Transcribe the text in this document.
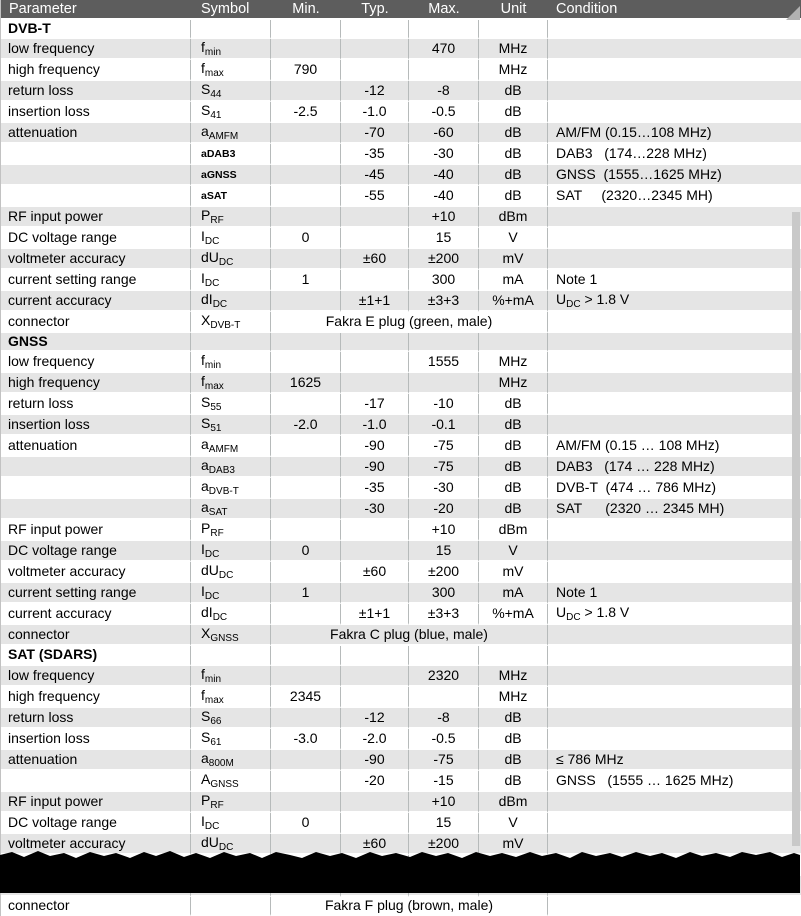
Parameter	Symbol	Min.	Typ.	Max.	Unit	Condition
DVB-T						
low frequency	$f_{min}$			470	MHz	
high frequency	$f_{max}$	790			MHz	
return loss	$S_{44}$		-12	-8	dB	
insertion loss	$S_{41}$	-2.5	-1.0	-0.5	dB	
attenuation	$a_{AMFM}$		-70	-60	dB	AM/FM (0.15…108 MHz)
	aDAB3		-35	-30	dB	DAB3   (174…228 MHz)
	aGNSS		-45	-40	dB	GNSS  (1555…1625 MHz)
	aSAT		-55	-40	dB	SAT     (2320…2345 MH)
RF input power	$P_{RF}$			+10	dBm	
DC voltage range	$I_{DC}$	0		15	V	
voltmeter accuracy	$dU_{DC}$		±60	±200	mV	
current setting range	$I_{DC}$	1		300	mA	Note 1
current accuracy	$dI_{DC}$		±1+1	±3+3	%+mA	$U_{DC} > 1.8$ V
connector	$X_{DVB-T}$	Fakra E plug (green, male)				
GNSS						
low frequency	$f_{min}$			1555	MHz	
high frequency	$f_{max}$	1625			MHz	
return loss	$S_{55}$		-17	-10	dB	
insertion loss	$S_{51}$	-2.0	-1.0	-0.1	dB	
attenuation	$a_{AMFM}$		-90	-75	dB	AM/FM (0.15 … 108 MHz)
	$a_{DAB3}$		-90	-75	dB	DAB3   (174 … 228 MHz)
	$a_{DVB-T}$		-35	-30	dB	DVB-T  (474 … 786 MHz)
	$a_{SAT}$		-30	-20	dB	SAT      (2320 … 2345 MH)
RF input power	$P_{RF}$			+10	dBm	
DC voltage range	$I_{DC}$	0		15	V	
voltmeter accuracy	$dU_{DC}$		±60	±200	mV	
current setting range	$I_{DC}$	1		300	mA	Note 1
current accuracy	$dI_{DC}$		±1+1	±3+3	%+mA	$U_{DC} > 1.8$ V
connector	$X_{GNSS}$	Fakra C plug (blue, male)				
SAT (SDARS)						
low frequency	$f_{min}$			2320	MHz	
high frequency	$f_{max}$	2345			MHz	
return loss	$S_{66}$		-12	-8	dB	
insertion loss	$S_{61}$	-3.0	-2.0	-0.5	dB	
attenuation	$a_{800M}$		-90	-75	dB	≤ 786 MHz
	$A_{GNSS}$		-20	-15	dB	GNSS   (1555 … 1625 MHz)
RF input power	$P_{RF}$			+10	dBm	
DC voltage range	$I_{DC}$	0		15	V	
voltmeter accuracy	$dU_{DC}$		±60	±200	mV	

connector		Fakra F plug (brown, male)				
